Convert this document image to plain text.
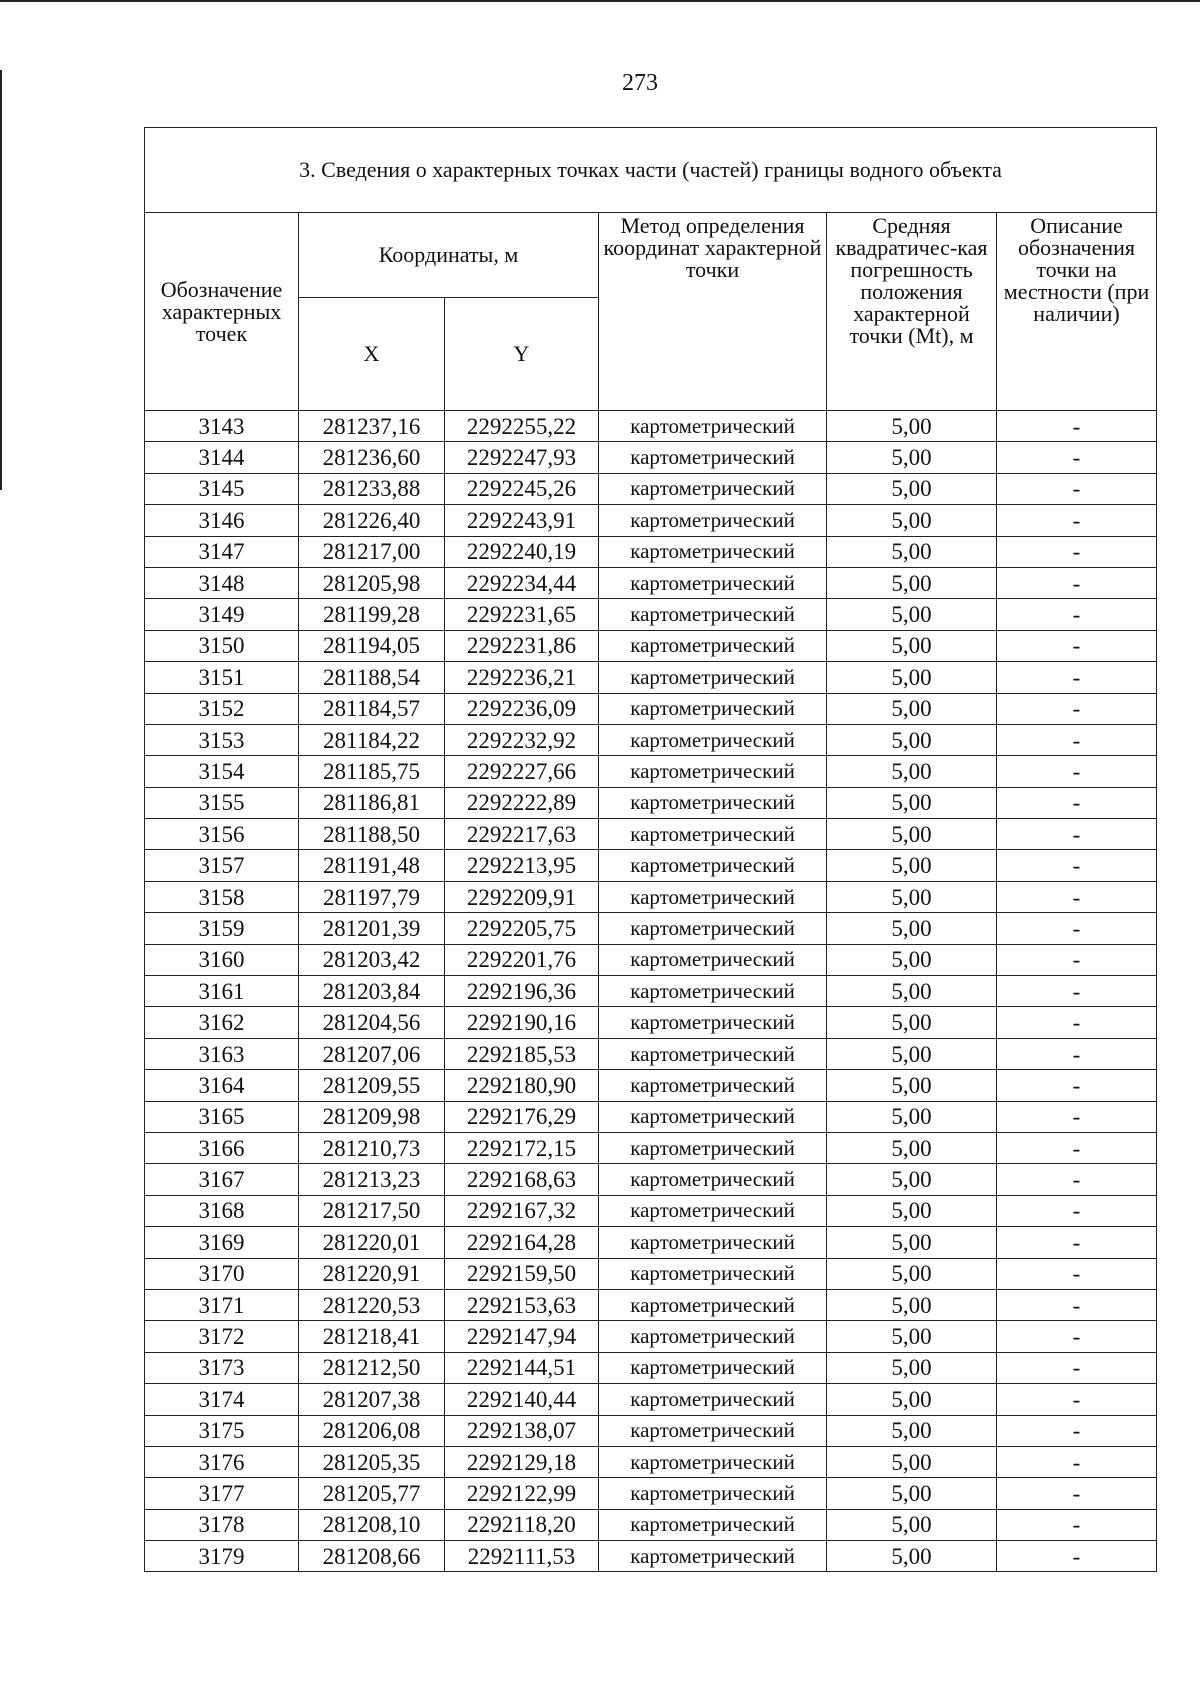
273
3. Сведения о характерных точках части (частей) границы водного объекта					
Обозначение характерных точек	Координаты, м		Метод определения координат характерной точки	Средняя квадратичес-кая погрешность положения характерной точки (Mt), м	Описание обозначения точки на местности (при наличии)
	X	Y			
3143	281237,16	2292255,22	картометрический	5,00	-
3144	281236,60	2292247,93	картометрический	5,00	-
3145	281233,88	2292245,26	картометрический	5,00	-
3146	281226,40	2292243,91	картометрический	5,00	-
3147	281217,00	2292240,19	картометрический	5,00	-
3148	281205,98	2292234,44	картометрический	5,00	-
3149	281199,28	2292231,65	картометрический	5,00	-
3150	281194,05	2292231,86	картометрический	5,00	-
3151	281188,54	2292236,21	картометрический	5,00	-
3152	281184,57	2292236,09	картометрический	5,00	-
3153	281184,22	2292232,92	картометрический	5,00	-
3154	281185,75	2292227,66	картометрический	5,00	-
3155	281186,81	2292222,89	картометрический	5,00	-
3156	281188,50	2292217,63	картометрический	5,00	-
3157	281191,48	2292213,95	картометрический	5,00	-
3158	281197,79	2292209,91	картометрический	5,00	-
3159	281201,39	2292205,75	картометрический	5,00	-
3160	281203,42	2292201,76	картометрический	5,00	-
3161	281203,84	2292196,36	картометрический	5,00	-
3162	281204,56	2292190,16	картометрический	5,00	-
3163	281207,06	2292185,53	картометрический	5,00	-
3164	281209,55	2292180,90	картометрический	5,00	-
3165	281209,98	2292176,29	картометрический	5,00	-
3166	281210,73	2292172,15	картометрический	5,00	-
3167	281213,23	2292168,63	картометрический	5,00	-
3168	281217,50	2292167,32	картометрический	5,00	-
3169	281220,01	2292164,28	картометрический	5,00	-
3170	281220,91	2292159,50	картометрический	5,00	-
3171	281220,53	2292153,63	картометрический	5,00	-
3172	281218,41	2292147,94	картометрический	5,00	-
3173	281212,50	2292144,51	картометрический	5,00	-
3174	281207,38	2292140,44	картометрический	5,00	-
3175	281206,08	2292138,07	картометрический	5,00	-
3176	281205,35	2292129,18	картометрический	5,00	-
3177	281205,77	2292122,99	картометрический	5,00	-
3178	281208,10	2292118,20	картометрический	5,00	-
3179	281208,66	2292111,53	картометрический	5,00	-
